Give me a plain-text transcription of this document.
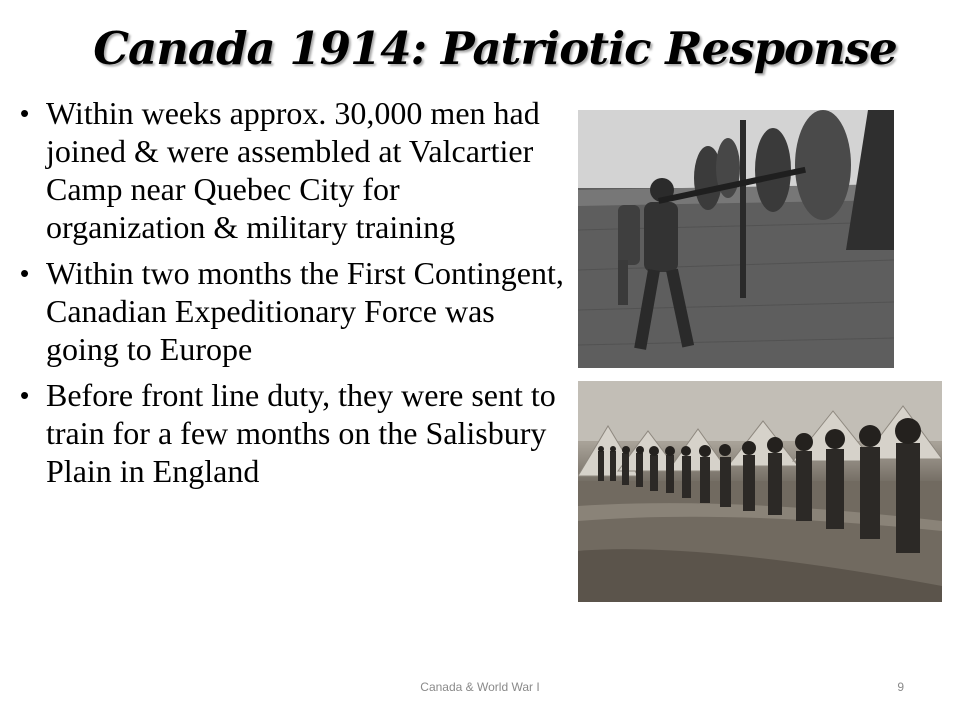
Canada 1914: Patriotic Response
• Within weeks approx. 30,000 men had joined & were assembled at Valcartier Camp near Quebec City for organization & military training
• Within two months the First Contingent, Canadian Expeditionary Force was going to Europe
• Before front line duty, they were sent to train for a few months on the Salisbury Plain in England
Canada & World War I	9
